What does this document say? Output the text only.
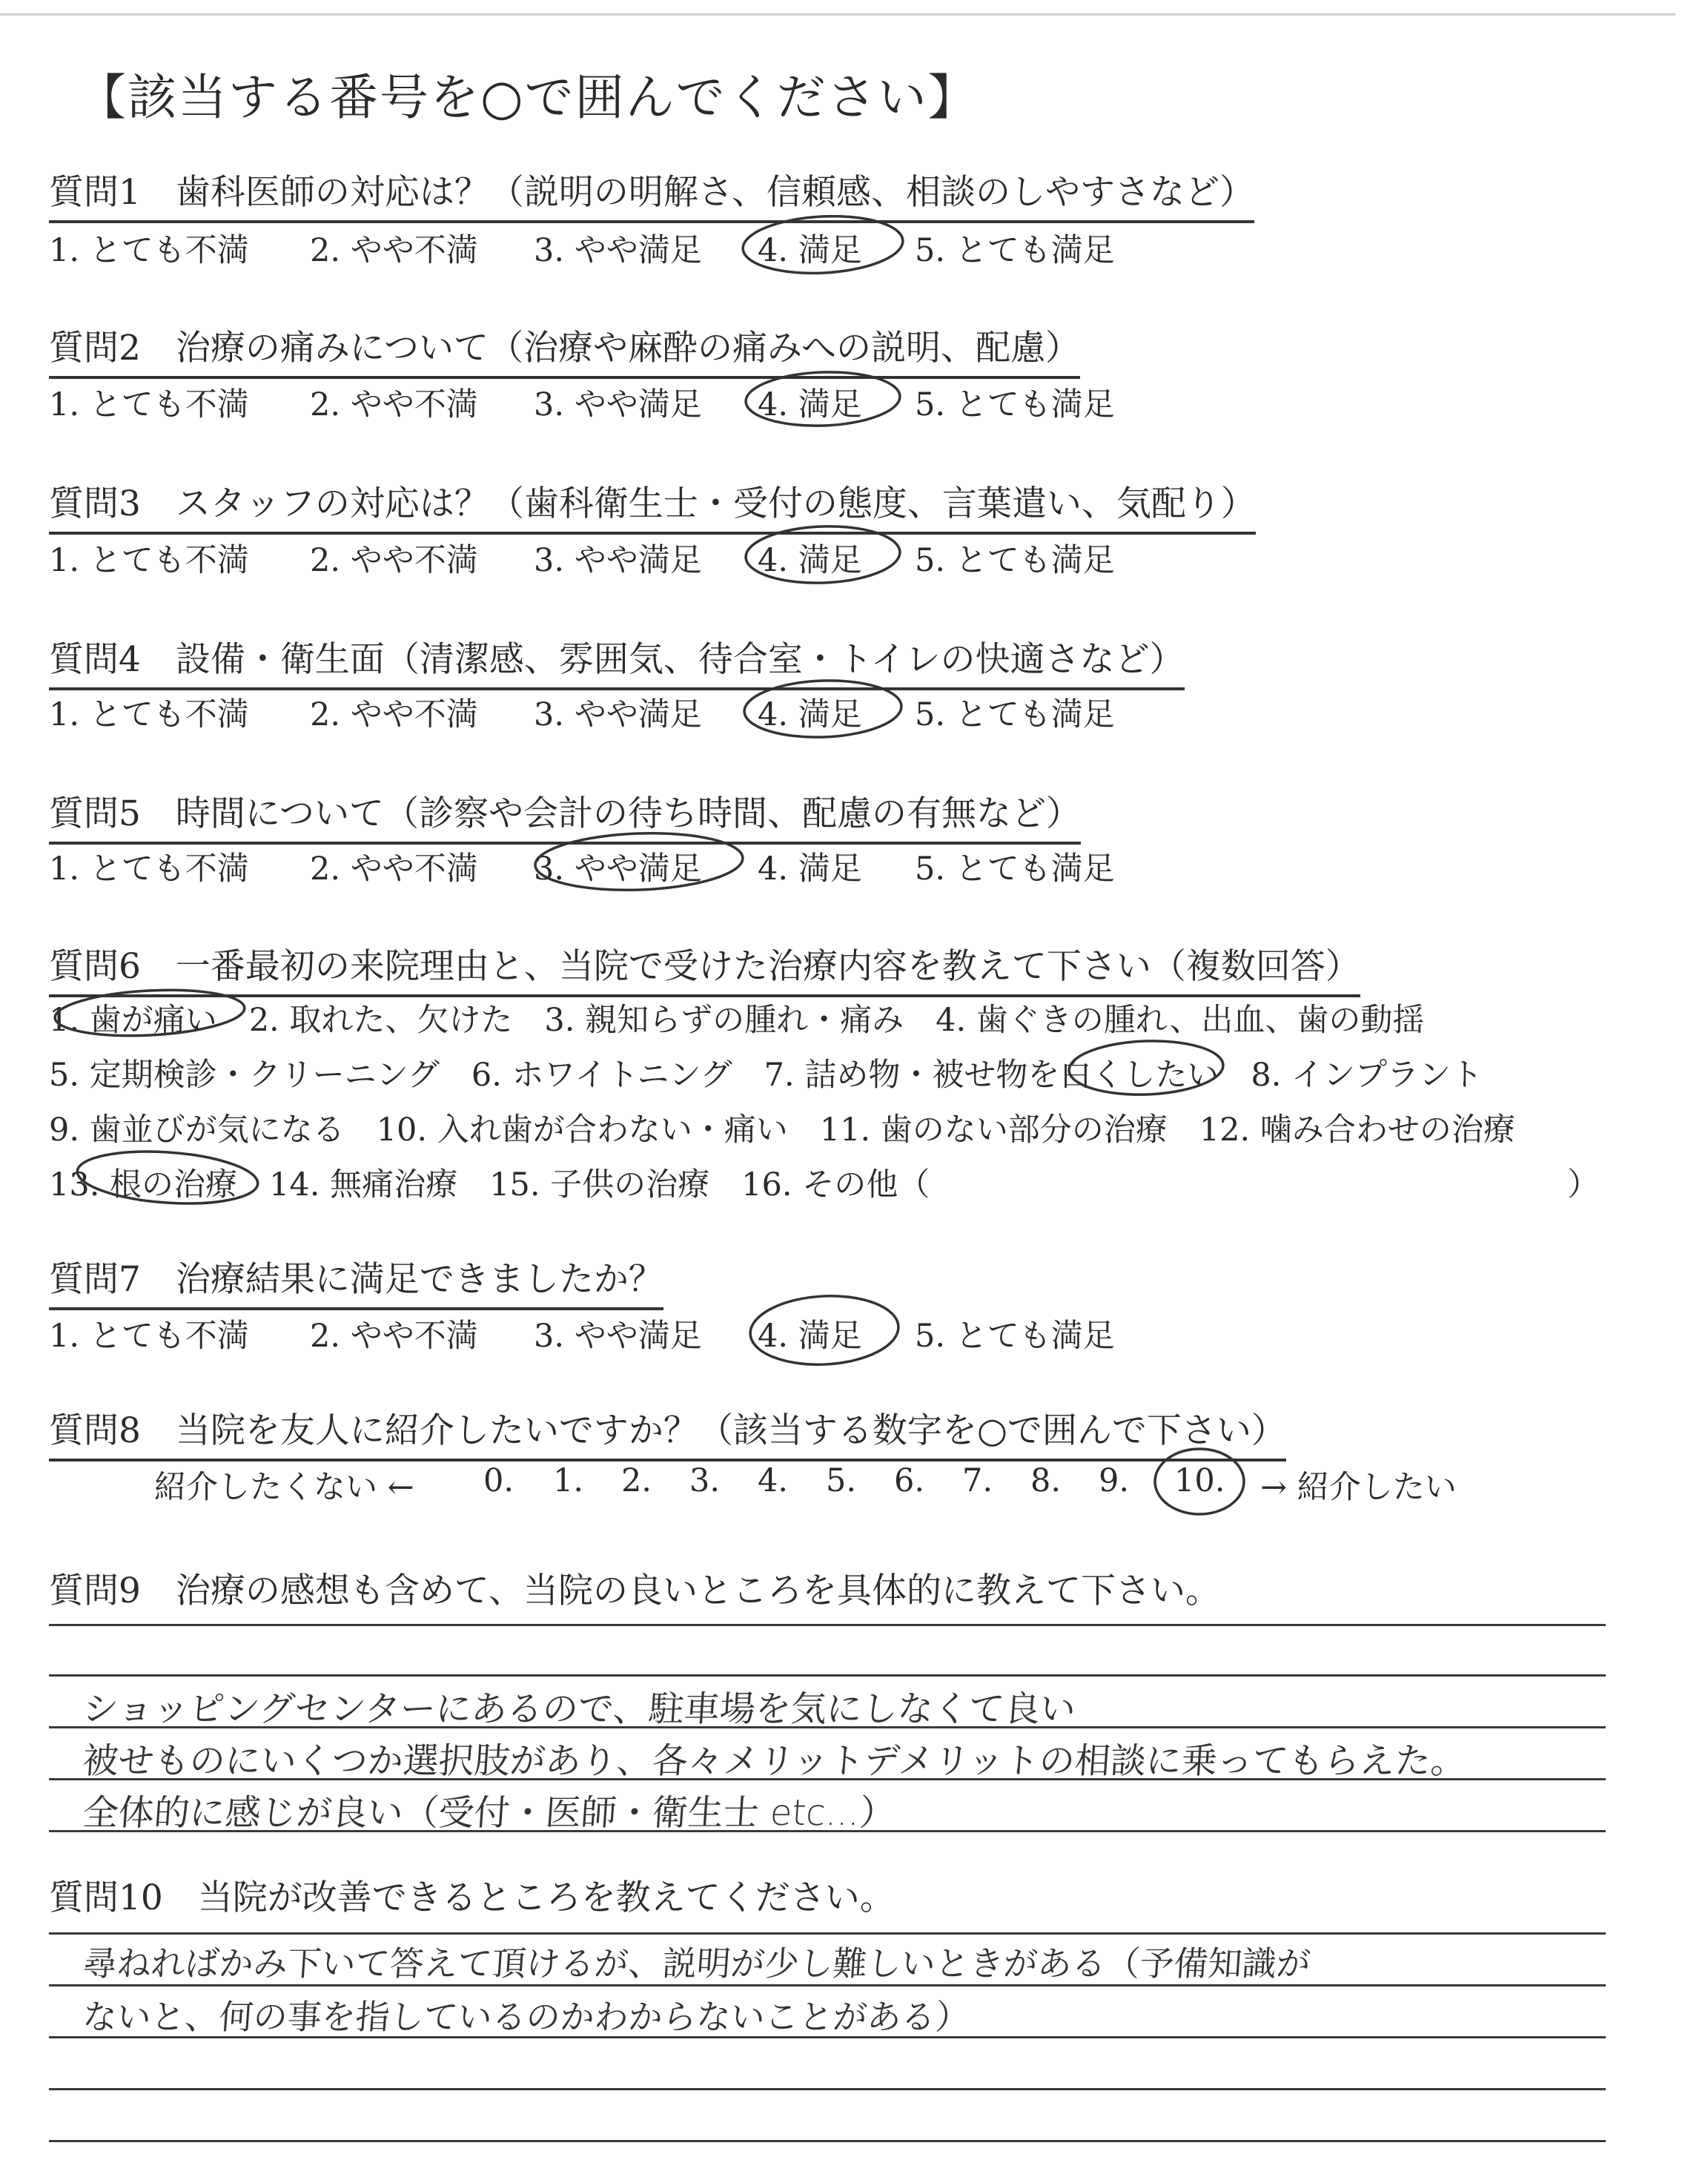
【該当する番号を○で囲んでください】
質問1　歯科医師の対応は？（説明の明解さ、信頼感、相談のしやすさなど）
1. とても不満 2. やや不満 3. やや満足 4. 満足 5. とても満足
質問2　治療の痛みについて（治療や麻酔の痛みへの説明、配慮）
1. とても不満 2. やや不満 3. やや満足 4. 満足 5. とても満足
質問3　スタッフの対応は？（歯科衛生士・受付の態度、言葉遣い、気配り）
1. とても不満 2. やや不満 3. やや満足 4. 満足 5. とても満足
質問4　設備・衛生面（清潔感、雰囲気、待合室・トイレの快適さなど）
1. とても不満 2. やや不満 3. やや満足 4. 満足 5. とても満足
質問5　時間について（診察や会計の待ち時間、配慮の有無など）
1. とても不満 2. やや不満 3. やや満足 4. 満足 5. とても満足
質問6　一番最初の来院理由と、当院で受けた治療内容を教えて下さい（複数回答）
1. 歯が痛い　2. 取れた、欠けた　3. 親知らずの腫れ・痛み　4. 歯ぐきの腫れ、出血、歯の動揺
5. 定期検診・クリーニング　6. ホワイトニング　7. 詰め物・被せ物を白くしたい　8. インプラント
9. 歯並びが気になる　10. 入れ歯が合わない・痛い　11. 歯のない部分の治療　12. 噛み合わせの治療
13. 根の治療　14. 無痛治療　15. 子供の治療　16. その他（　　　　　　　　　　　　　　　　　　　　）
質問7　治療結果に満足できましたか？
1. とても不満 2. やや不満 3. やや満足 4. 満足 5. とても満足
質問8　当院を友人に紹介したいですか？（該当する数字を○で囲んで下さい）
紹介したくない ← 0. 1. 2. 3. 4. 5. 6. 7. 8. 9. 10. → 紹介したい
質問9　治療の感想も含めて、当院の良いところを具体的に教えて下さい。
ショッピングセンターにあるので、駐車場を気にしなくて良い
被せものにいくつか選択肢があり、各々メリットデメリットの相談に乗ってもらえた。
全体的に感じが良い（受付・医師・衛生士 etc...）
質問10　当院が改善できるところを教えてください。
尋ねればかみ下いて答えて頂けるが、説明が少し難しいときがある（予備知識が
ないと、何の事を指しているのかわからないことがある）
